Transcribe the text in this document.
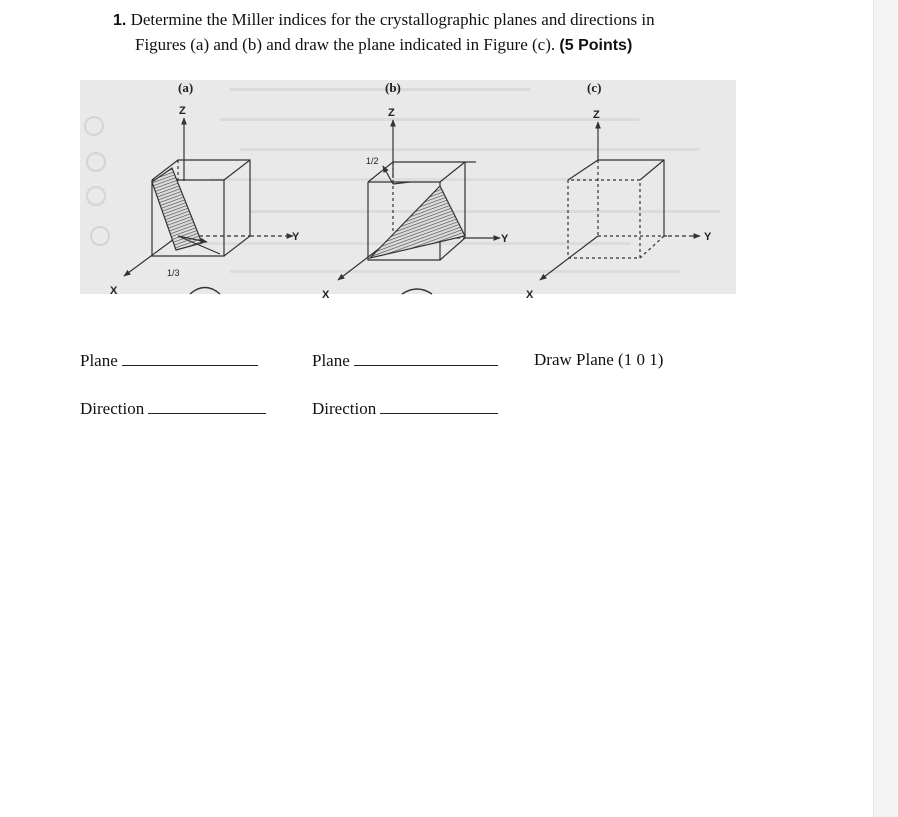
1. Determine the Miller indices for the crystallographic planes and directions in
Figures (a) and (b) and draw the plane indicated in Figure (c). (5 Points)
(a)
Z
Y
X
1/3
(b)
Z
Y
X
1/2
(c)
Z
Y
X
Plane	Plane	Draw Plane (1 0 1)
Direction	Direction
